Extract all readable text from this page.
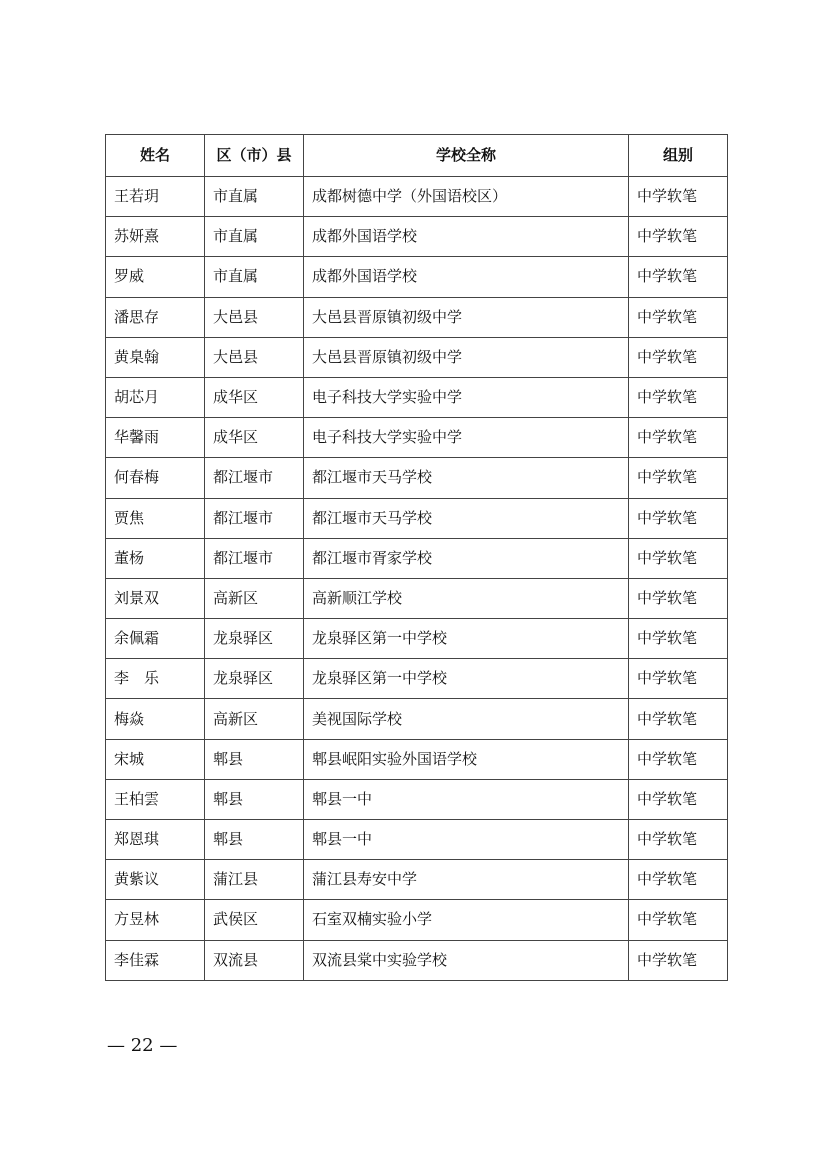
姓名	区（市）县	学校全称	组别
王若玥	市直属	成都树德中学（外国语校区）	中学软笔
苏妍熹	市直属	成都外国语学校	中学软笔
罗威	市直属	成都外国语学校	中学软笔
潘思存	大邑县	大邑县晋原镇初级中学	中学软笔
黄臬翰	大邑县	大邑县晋原镇初级中学	中学软笔
胡芯月	成华区	电子科技大学实验中学	中学软笔
华馨雨	成华区	电子科技大学实验中学	中学软笔
何春梅	都江堰市	都江堰市天马学校	中学软笔
贾焦	都江堰市	都江堰市天马学校	中学软笔
董杨	都江堰市	都江堰市胥家学校	中学软笔
刘景双	高新区	高新顺江学校	中学软笔
余佩霜	龙泉驿区	龙泉驿区第一中学校	中学软笔
李　乐	龙泉驿区	龙泉驿区第一中学校	中学软笔
梅焱	高新区	美视国际学校	中学软笔
宋城	郫县	郫县岷阳实验外国语学校	中学软笔
王柏雲	郫县	郫县一中	中学软笔
郑恩琪	郫县	郫县一中	中学软笔
黄紫议	蒲江县	蒲江县寿安中学	中学软笔
方昱林	武侯区	石室双楠实验小学	中学软笔
李佳霖	双流县	双流县棠中实验学校	中学软笔
— 22 —
